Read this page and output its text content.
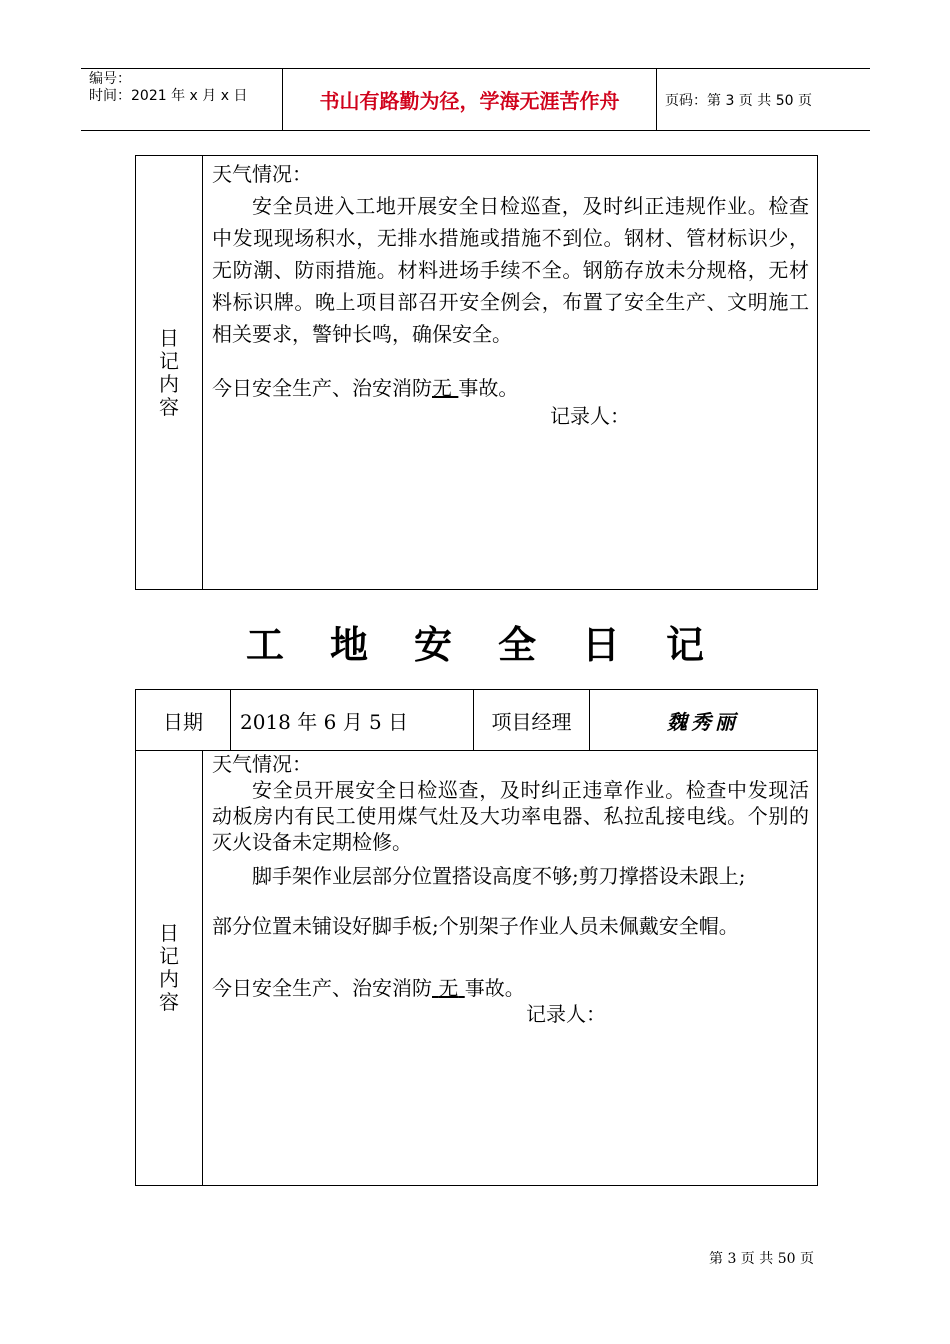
编号：
时间：2021 年 x 月 x 日	书山有路勤为径，学海无涯苦作舟	页码：第 3 页 共 50 页
日
记
内
容

天气情况：

安全员进入工地开展安全日检巡查，及时纠正违规作业。检查中发现现场积水，无排水措施或措施不到位。钢材、管材标识少，无防潮、防雨措施。材料进场手续不全。钢筋存放未分规格，无材料标识牌。晚上项目部召开安全例会，布置了安全生产、文明施工相关要求，警钟长鸣，确保安全。

今日安全生产、治安消防无 事故。

记录人：

工地安全日记
日期 2018 年 6 月 5 日	项目经理	魏秀丽
日
记
内
容

天气情况：

安全员开展安全日检巡查，及时纠正违章作业。检查中发现活动板房内有民工使用煤气灶及大功率电器、私拉乱接电线。个别的灭火设备未定期检修。

脚手架作业层部分位置搭设高度不够;剪刀撑搭设未跟上;

部分位置未铺设好脚手板;个别架子作业人员未佩戴安全帽。

今日安全生产、治安消防 无 事故。

记录人：

第 3 页 共 50 页
